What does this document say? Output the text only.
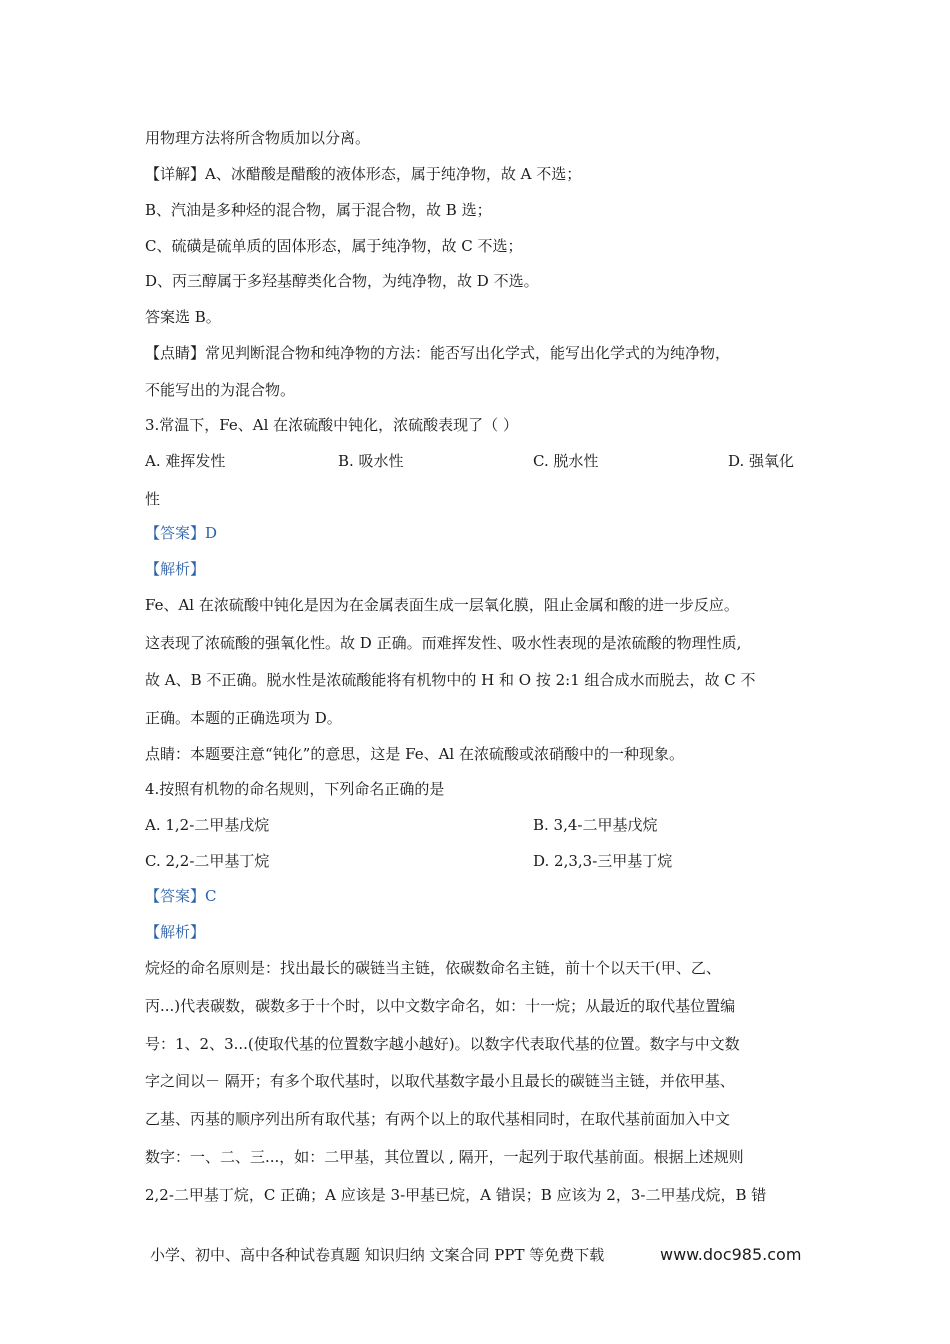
用物理方法将所含物质加以分离。
【详解】A、冰醋酸是醋酸的液体形态，属于纯净物，故 A 不选；
B、汽油是多种烃的混合物，属于混合物，故 B 选；
C、硫磺是硫单质的固体形态，属于纯净物，故 C 不选；
D、丙三醇属于多羟基醇类化合物，为纯净物，故 D 不选。
答案选 B。
【点睛】常见判断混合物和纯净物的方法：能否写出化学式，能写出化学式的为纯净物，
不能写出的为混合物。
3.常温下，Fe、Al 在浓硫酸中钝化，浓硫酸表现了（ ）
A. 难挥发性	B. 吸水性	C. 脱水性	D. 强氧化
性
【答案】D
【解析】
Fe、Al 在浓硫酸中钝化是因为在金属表面生成一层氧化膜，阻止金属和酸的进一步反应。
这表现了浓硫酸的强氧化性。故 D 正确。而难挥发性、吸水性表现的是浓硫酸的物理性质,
故 A、B 不正确。脱水性是浓硫酸能将有机物中的 H 和 O 按 2:1 组合成水而脱去，故 C 不
正确。本题的正确选项为 D。
点睛：本题要注意“钝化”的意思，这是 Fe、Al 在浓硫酸或浓硝酸中的一种现象。
4.按照有机物的命名规则，下列命名正确的是
A. 1,2-二甲基戊烷	B. 3,4-二甲基戊烷
C. 2,2-二甲基丁烷	D. 2,3,3-三甲基丁烷
【答案】C
【解析】
烷烃的命名原则是：找出最长的碳链当主链，依碳数命名主链，前十个以天干(甲、乙、
丙...)代表碳数，碳数多于十个时，以中文数字命名，如：十一烷；从最近的取代基位置编
号：1、2、3...(使取代基的位置数字越小越好)。以数字代表取代基的位置。数字与中文数
字之间以－ 隔开；有多个取代基时，以取代基数字最小且最长的碳链当主链，并依甲基、
乙基、丙基的顺序列出所有取代基；有两个以上的取代基相同时，在取代基前面加入中文
数字：一、二、三...，如：二甲基，其位置以 , 隔开，一起列于取代基前面。根据上述规则
2,2-二甲基丁烷，C 正确；A 应该是 3-甲基已烷，A 错误；B 应该为 2，3-二甲基戊烷，B 错
小学、初中、高中各种试卷真题 知识归纳 文案合同 PPT 等免费下载	www.doc985.com
